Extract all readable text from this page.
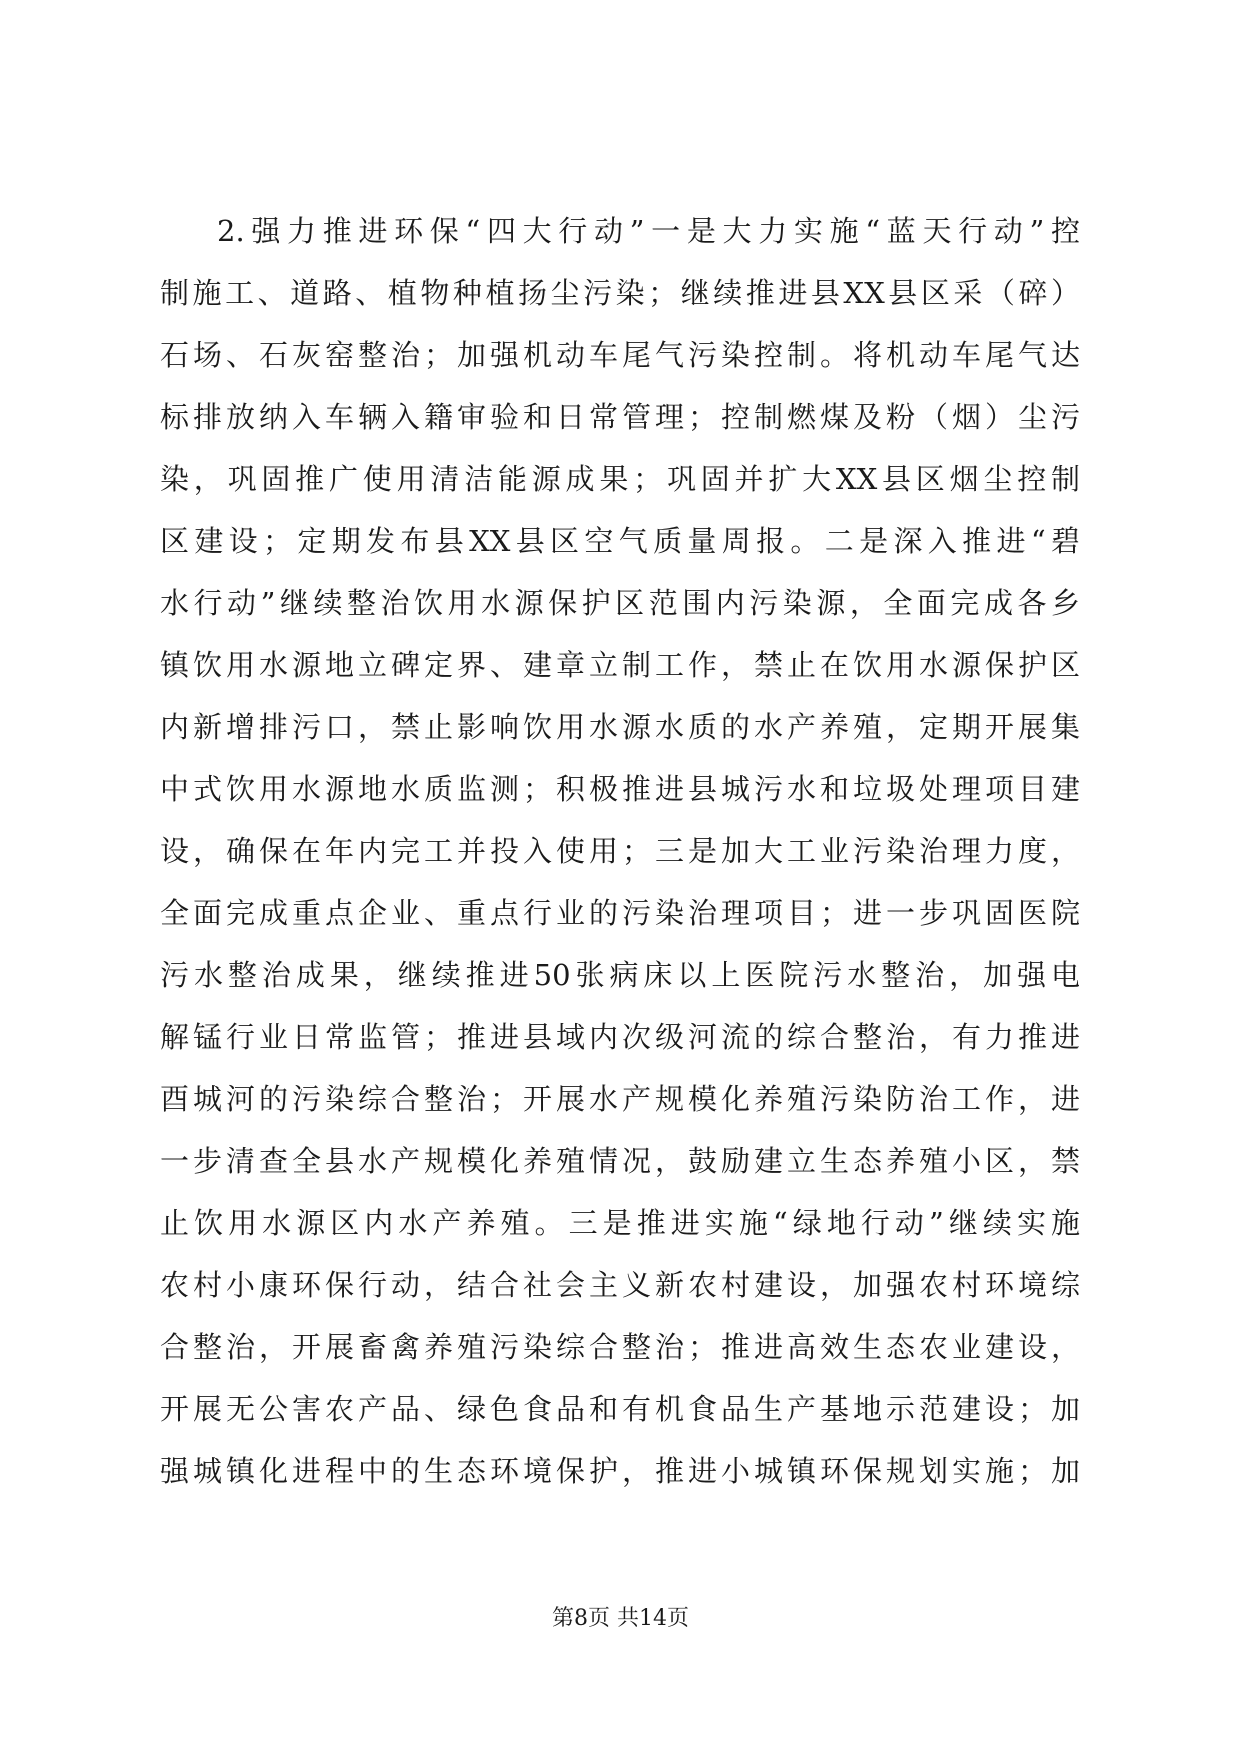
2.强力推进环保“四大行动”一是大力实施“蓝天行动”控
制施工、道路、植物种植扬尘污染；继续推进县XX县区采（碎）
石场、石灰窑整治；加强机动车尾气污染控制。将机动车尾气达
标排放纳入车辆入籍审验和日常管理；控制燃煤及粉（烟）尘污
染，巩固推广使用清洁能源成果；巩固并扩大XX县区烟尘控制
区建设；定期发布县XX县区空气质量周报。二是深入推进“碧
水行动”继续整治饮用水源保护区范围内污染源，全面完成各乡
镇饮用水源地立碑定界、建章立制工作，禁止在饮用水源保护区
内新增排污口，禁止影响饮用水源水质的水产养殖，定期开展集
中式饮用水源地水质监测；积极推进县城污水和垃圾处理项目建
设，确保在年内完工并投入使用；三是加大工业污染治理力度，
全面完成重点企业、重点行业的污染治理项目；进一步巩固医院
污水整治成果，继续推进50张病床以上医院污水整治，加强电
解锰行业日常监管；推进县域内次级河流的综合整治，有力推进
酉城河的污染综合整治；开展水产规模化养殖污染防治工作，进
一步清查全县水产规模化养殖情况，鼓励建立生态养殖小区，禁
止饮用水源区内水产养殖。三是推进实施“绿地行动”继续实施
农村小康环保行动，结合社会主义新农村建设，加强农村环境综
合整治，开展畜禽养殖污染综合整治；推进高效生态农业建设，
开展无公害农产品、绿色食品和有机食品生产基地示范建设；加
强城镇化进程中的生态环境保护，推进小城镇环保规划实施；加
第8页 共14页
